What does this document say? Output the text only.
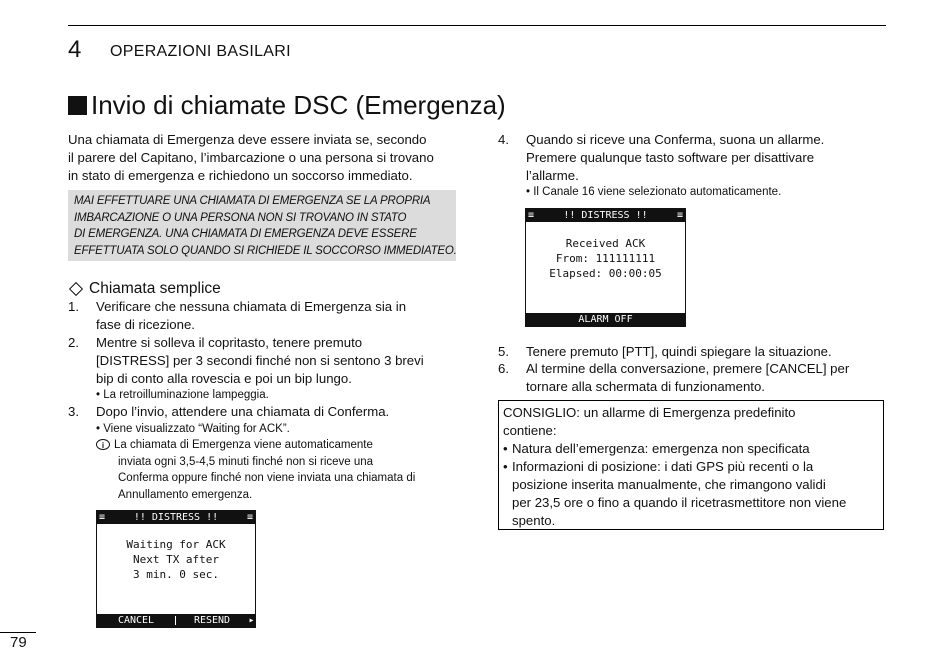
4 OPERAZIONI BASILARI
Invio di chiamate DSC (Emergenza)
Una chiamata di Emergenza deve essere inviata se, secondo
il parere del Capitano, l’imbarcazione o una persona si trovano
in stato di emergenza e richiedono un soccorso immediato.
MAI EFFETTUARE UNA CHIAMATA DI EMERGENZA SE LA PROPRIA
IMBARCAZIONE O UNA PERSONA NON SI TROVANO IN STATO
DI EMERGENZA. UNA CHIAMATA DI EMERGENZA DEVE ESSERE
EFFETTUATA SOLO QUANDO SI RICHIEDE IL SOCCORSO IMMEDIATEO.
Chiamata semplice
1.	Verificare che nessuna chiamata di Emergenza sia in
fase di ricezione.
2.	Mentre si solleva il copritasto, tenere premuto
[DISTRESS] per 3 secondi finché non si sentono 3 brevi
bip di conto alla rovescia e poi un bip lungo.
• La retroilluminazione lampeggia.
3.	Dopo l’invio, attendere una chiamata di Conferma.
• Viene visualizzato “Waiting for ACK”.
i La chiamata di Emergenza viene automaticamente
inviata ogni 3,5-4,5 minuti finché non si riceve una
Conferma oppure finché non viene inviata una chiamata di
Annullamento emergenza.
≡	!! DISTRESS !!	≡
Waiting for ACK
Next TX after
3 min. 0 sec.
CANCEL	RESEND	▸
4.	Quando si riceve una Conferma, suona un allarme.
Premere qualunque tasto software per disattivare
l’allarme.
• Il Canale 16 viene selezionato automaticamente.
≡	!! DISTRESS !!	≡
Received ACK
From: 111111111
Elapsed: 00:00:05
ALARM OFF
5.	Tenere premuto [PTT], quindi spiegare la situazione.
6.	Al termine della conversazione, premere [CANCEL] per
tornare alla schermata di funzionamento.
CONSIGLIO: un allarme di Emergenza predefinito
contiene:
• Natura dell’emergenza: emergenza non specificata
• Informazioni di posizione: i dati GPS più recenti o la
posizione inserita manualmente, che rimangono validi
per 23,5 ore o fino a quando il ricetrasmettitore non viene
spento.
79
